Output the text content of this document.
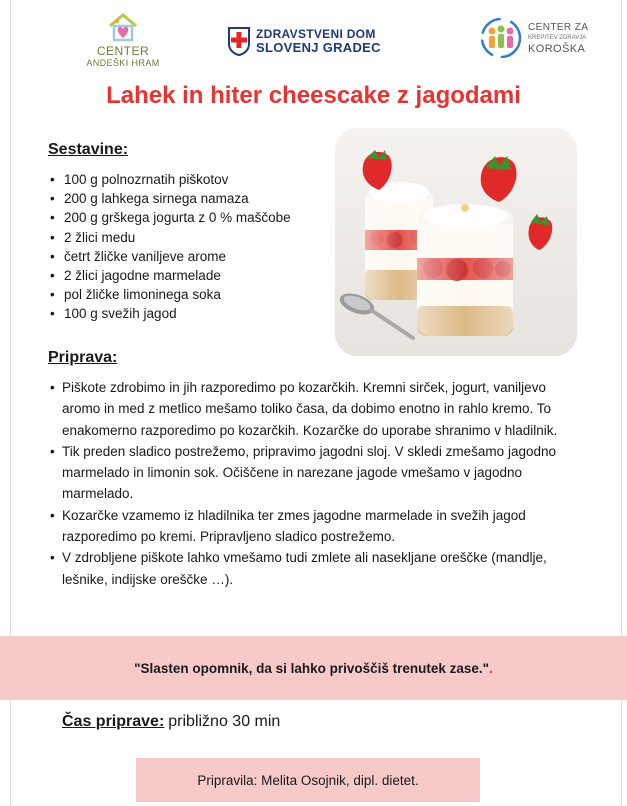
CENTER
ANDEŠKI HRAM
ZDRAVSTVENI DOM
SLOVENJ GRADEC
CENTER ZA
KREPITEV ZDRAVJA
KOROŠKA
Lahek in hiter cheescake z jagodami
Sestavine:
• 100 g polnozrnatih piškotov
• 200 g lahkega sirnega namaza
• 200 g grškega jogurta z 0 % maščobe
• 2 žlici medu
• četrt žličke vaniljeve arome
• 2 žlici jagodne marmelade
• pol žličke limoninega soka
• 100 g svežih jagod
Priprava:
• Piškote zdrobimo in jih razporedimo po kozarčkih. Kremni sirček, jogurt, vaniljevo aromo in med z metlico mešamo toliko časa, da dobimo enotno in rahlo kremo. To enakomerno razporedimo po kozarčkih. Kozarčke do uporabe shranimo v hladilnik.
• Tik preden sladico postrežemo, pripravimo jagodni sloj. V skledi zmešamo jagodno marmelado in limonin sok. Očiščene in narezane jagode vmešamo v jagodno marmelado.
• Kozarčke vzamemo iz hladilnika ter zmes jagodne marmelade in svežih jagod razporedimo po kremi. Pripravljeno sladico postrežemo.
• V zdrobljene piškote lahko vmešamo tudi zmlete ali nasekljane oreščke (mandlje, lešnike, indijske oreščke …).
"Slasten opomnik, da si lahko privoščiš trenutek zase." .
Čas priprave: približno 30 min
Pripravila: Melita Osojnik, dipl. dietet.
